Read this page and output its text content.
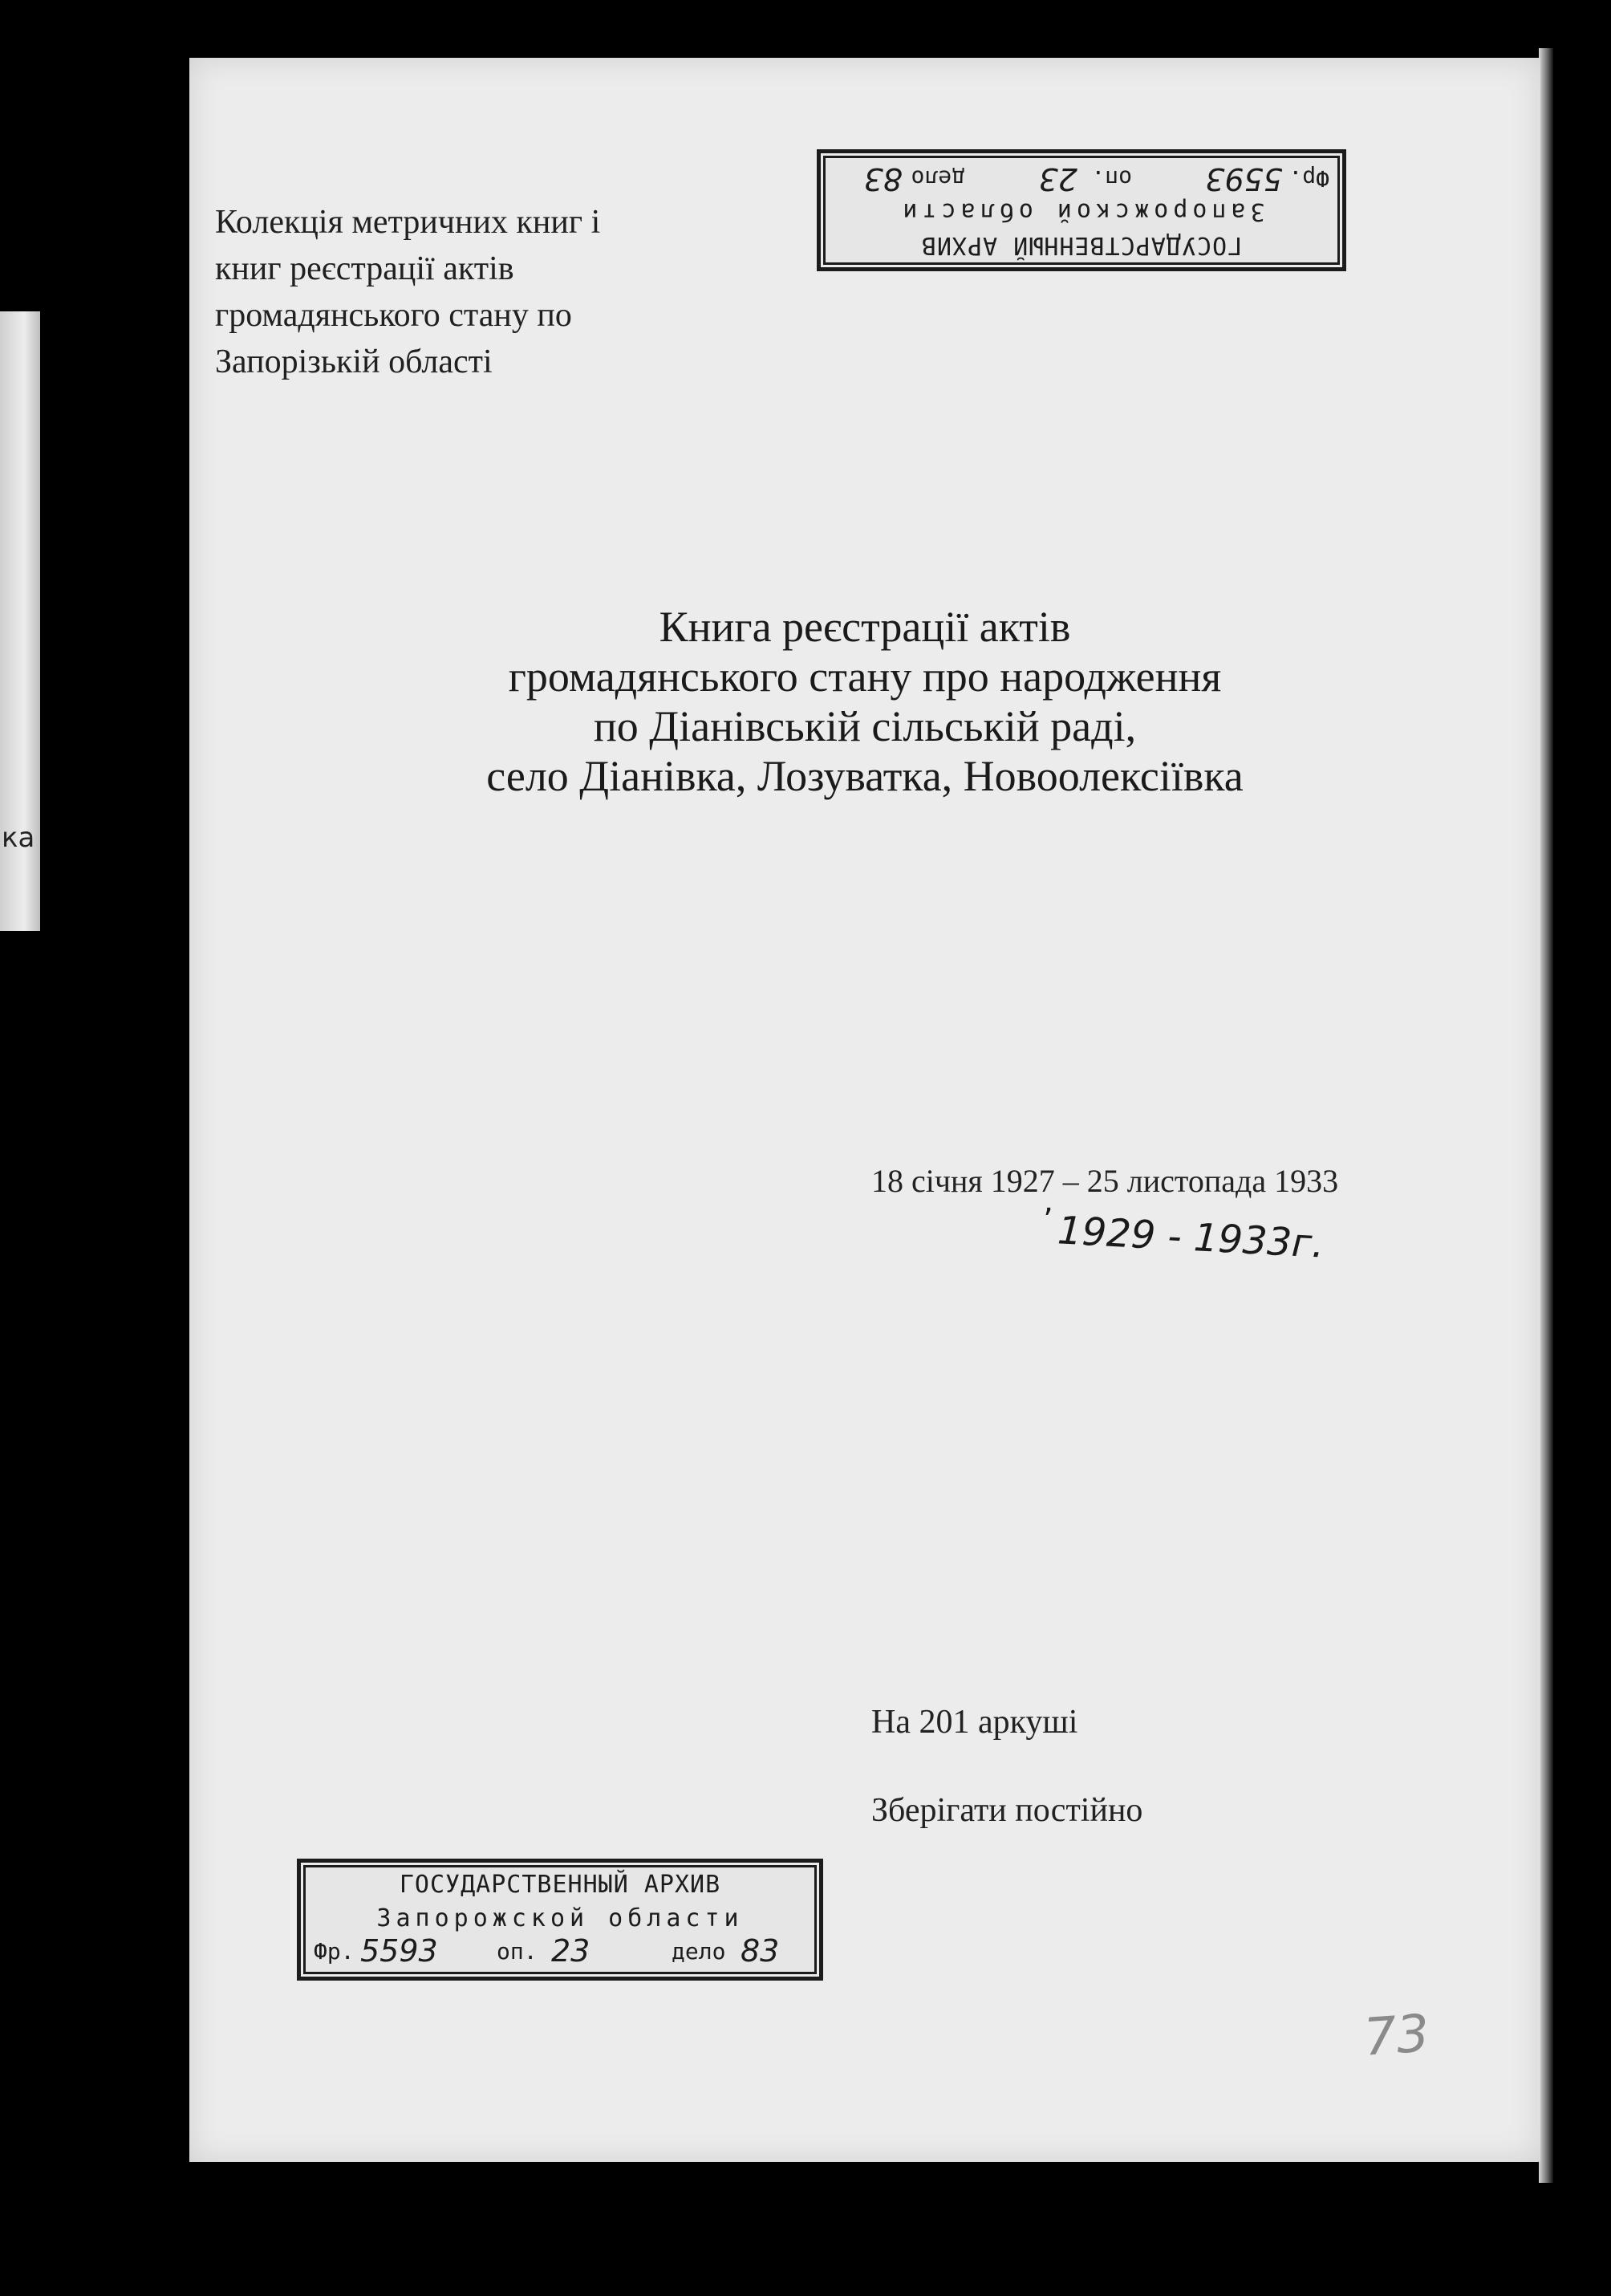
ка
ГОСУДАРСТВЕННЫЙ АРХИВ
Запорожской области
Фр.
5593
оп.
23
дело
83
Колекція метричних книг і
книг реєстрації актів
громадянського стану по
Запорізькій області
Книга реєстрації актів
громадянського стану про народження
по Діанівській сільській раді,
село Діанівка, Лозуватка, Новоолексіївка
18 січня 1927 – 25 листопада 1933
’ 1929 - 1933г.
На 201 аркуші
Зберігати постійно
ГОСУДАРСТВЕННЫЙ АРХИВ
Запорожской области
Фр. 5593	оп. 23	дело 83
73
